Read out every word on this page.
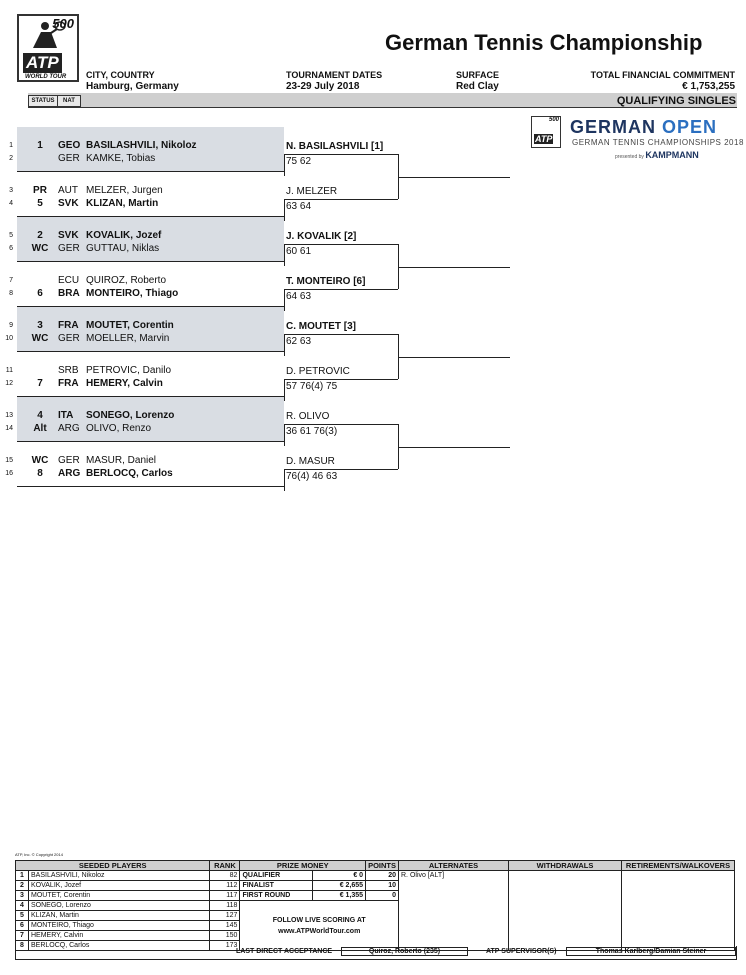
500
ATP
WORLD TOUR
German Tennis Championship
CITY, COUNTRY
Hamburg, Germany
TOURNAMENT DATES
23-29 July 2018
SURFACE
Red Clay
TOTAL FINANCIAL COMMITMENT
€ 1,753,255
STATUS	NAT	QUALIFYING SINGLES
500
ATP
GERMAN OPEN
GERMAN TENNIS CHAMPIONSHIPS 2018
presented by KAMPMANN
1	1	GEO BASILASHVILI, Nikoloz
2	GER KAMKE, Tobias
N. BASILASHVILI [1]
75 62
3	PR	AUT MELZER, Jurgen
4	5	SVK KLIZAN, Martin
J. MELZER
63 64
5	2	SVK KOVALIK, Jozef
6	WC GER GUTTAU, Niklas
J. KOVALIK [2]
60 61
7	ECU QUIROZ, Roberto
8	6	BRA MONTEIRO, Thiago
T. MONTEIRO [6]
64 63
9	3	FRA MOUTET, Corentin
10	WC GER MOELLER, Marvin
C. MOUTET [3]
62 63
11	SRB PETROVIC, Danilo
12	7	FRA HEMERY, Calvin
D. PETROVIC
57 76(4) 75
13	4	ITA SONEGO, Lorenzo
14	Alt	ARG OLIVO, Renzo
R. OLIVO
36 61 76(3)
15	WC GER MASUR, Daniel
16	8	ARG BERLOCQ, Carlos
D. MASUR
76(4) 46 63
ATP, Inc. © Copyright 2014
SEEDED PLAYERS		RANK	PRIZE MONEY		POINTS	ALTERNATES	WITHDRAWALS	RETIREMENTS/WALKOVERS
1	BASILASHVILI, Nikoloz	82	QUALIFIER	€ 0	20	R. Olivo [ALT]		
2	KOVALIK, Jozef	112	FINALIST	€ 2,655	10			
3	MOUTET, Corentin	117	FIRST ROUND	€ 1,355	0			
4	SONEGO, Lorenzo	118	FOLLOW LIVE SCORING AT
www.ATPWorldTour.com					
5	KLIZAN, Martin	127						
6	MONTEIRO, Thiago	145						
7	HEMERY, Calvin	150						
8	BERLOCQ, Carlos	173						
LAST DIRECT ACCEPTANCE	Quiroz, Roberto (235)	ATP SUPERVISOR(S)	Thomas Karlberg/Damian Steiner
